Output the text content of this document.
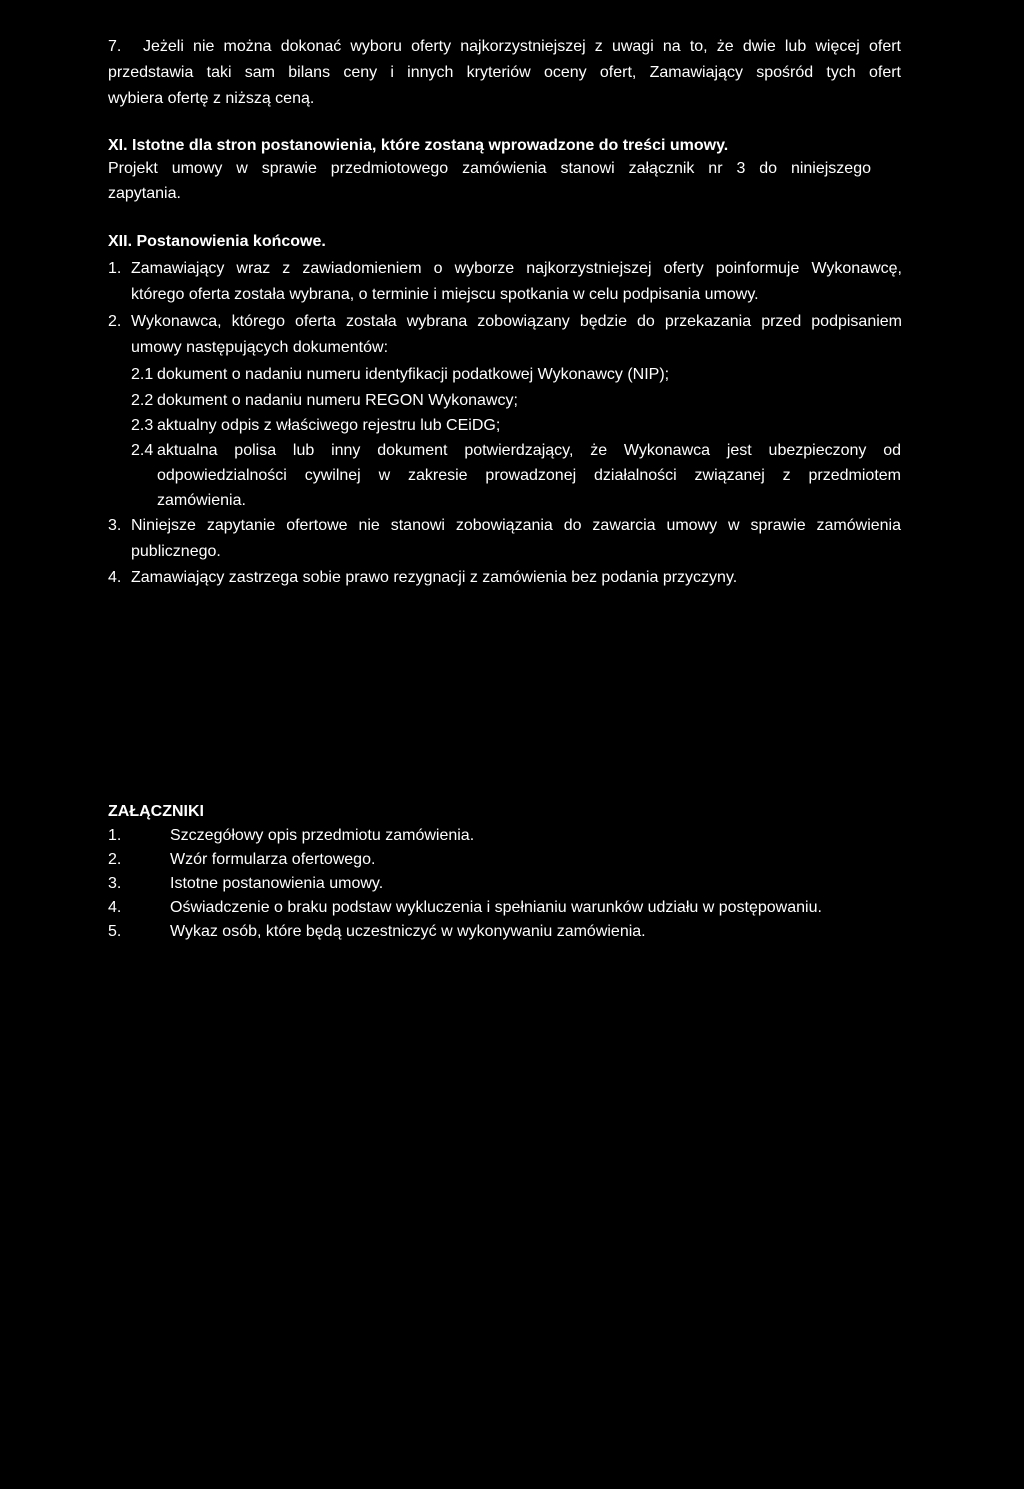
7. Jeżeli nie można dokonać wyboru oferty najkorzystniejszej z uwagi na to, że dwie lub więcej ofert
przedstawia taki sam bilans ceny i innych kryteriów oceny ofert, Zamawiający spośród tych ofert
wybiera ofertę z niższą ceną.
XI. Istotne dla stron postanowienia, które zostaną wprowadzone do treści umowy.
Projekt umowy w sprawie przedmiotowego zamówienia stanowi załącznik nr 3 do niniejszego
zapytania.
XII. Postanowienia końcowe.
1. Zamawiający wraz z zawiadomieniem o wyborze najkorzystniejszej oferty poinformuje Wykonawcę,
którego oferta została wybrana, o terminie i miejscu spotkania w celu podpisania umowy.
2. Wykonawca, którego oferta została wybrana zobowiązany będzie do przekazania przed podpisaniem
umowy następujących dokumentów:
2.1 dokument o nadaniu numeru identyfikacji podatkowej Wykonawcy (NIP);
2.2 dokument o nadaniu numeru REGON Wykonawcy;
2.3 aktualny odpis z właściwego rejestru lub CEiDG;
2.4 aktualna polisa lub inny dokument potwierdzający, że Wykonawca jest ubezpieczony od
odpowiedzialności cywilnej w zakresie prowadzonej działalności związanej z przedmiotem
zamówienia.
3. Niniejsze zapytanie ofertowe nie stanowi zobowiązania do zawarcia umowy w sprawie zamówienia
publicznego.
4. Zamawiający zastrzega sobie prawo rezygnacji z zamówienia bez podania przyczyny.
ZAŁĄCZNIKI
1.	Szczegółowy opis przedmiotu zamówienia.
2.	Wzór formularza ofertowego.
3.	Istotne postanowienia umowy.
4.	Oświadczenie o braku podstaw wykluczenia i spełnianiu warunków udziału w postępowaniu.
5.	Wykaz osób, które będą uczestniczyć w wykonywaniu zamówienia.
